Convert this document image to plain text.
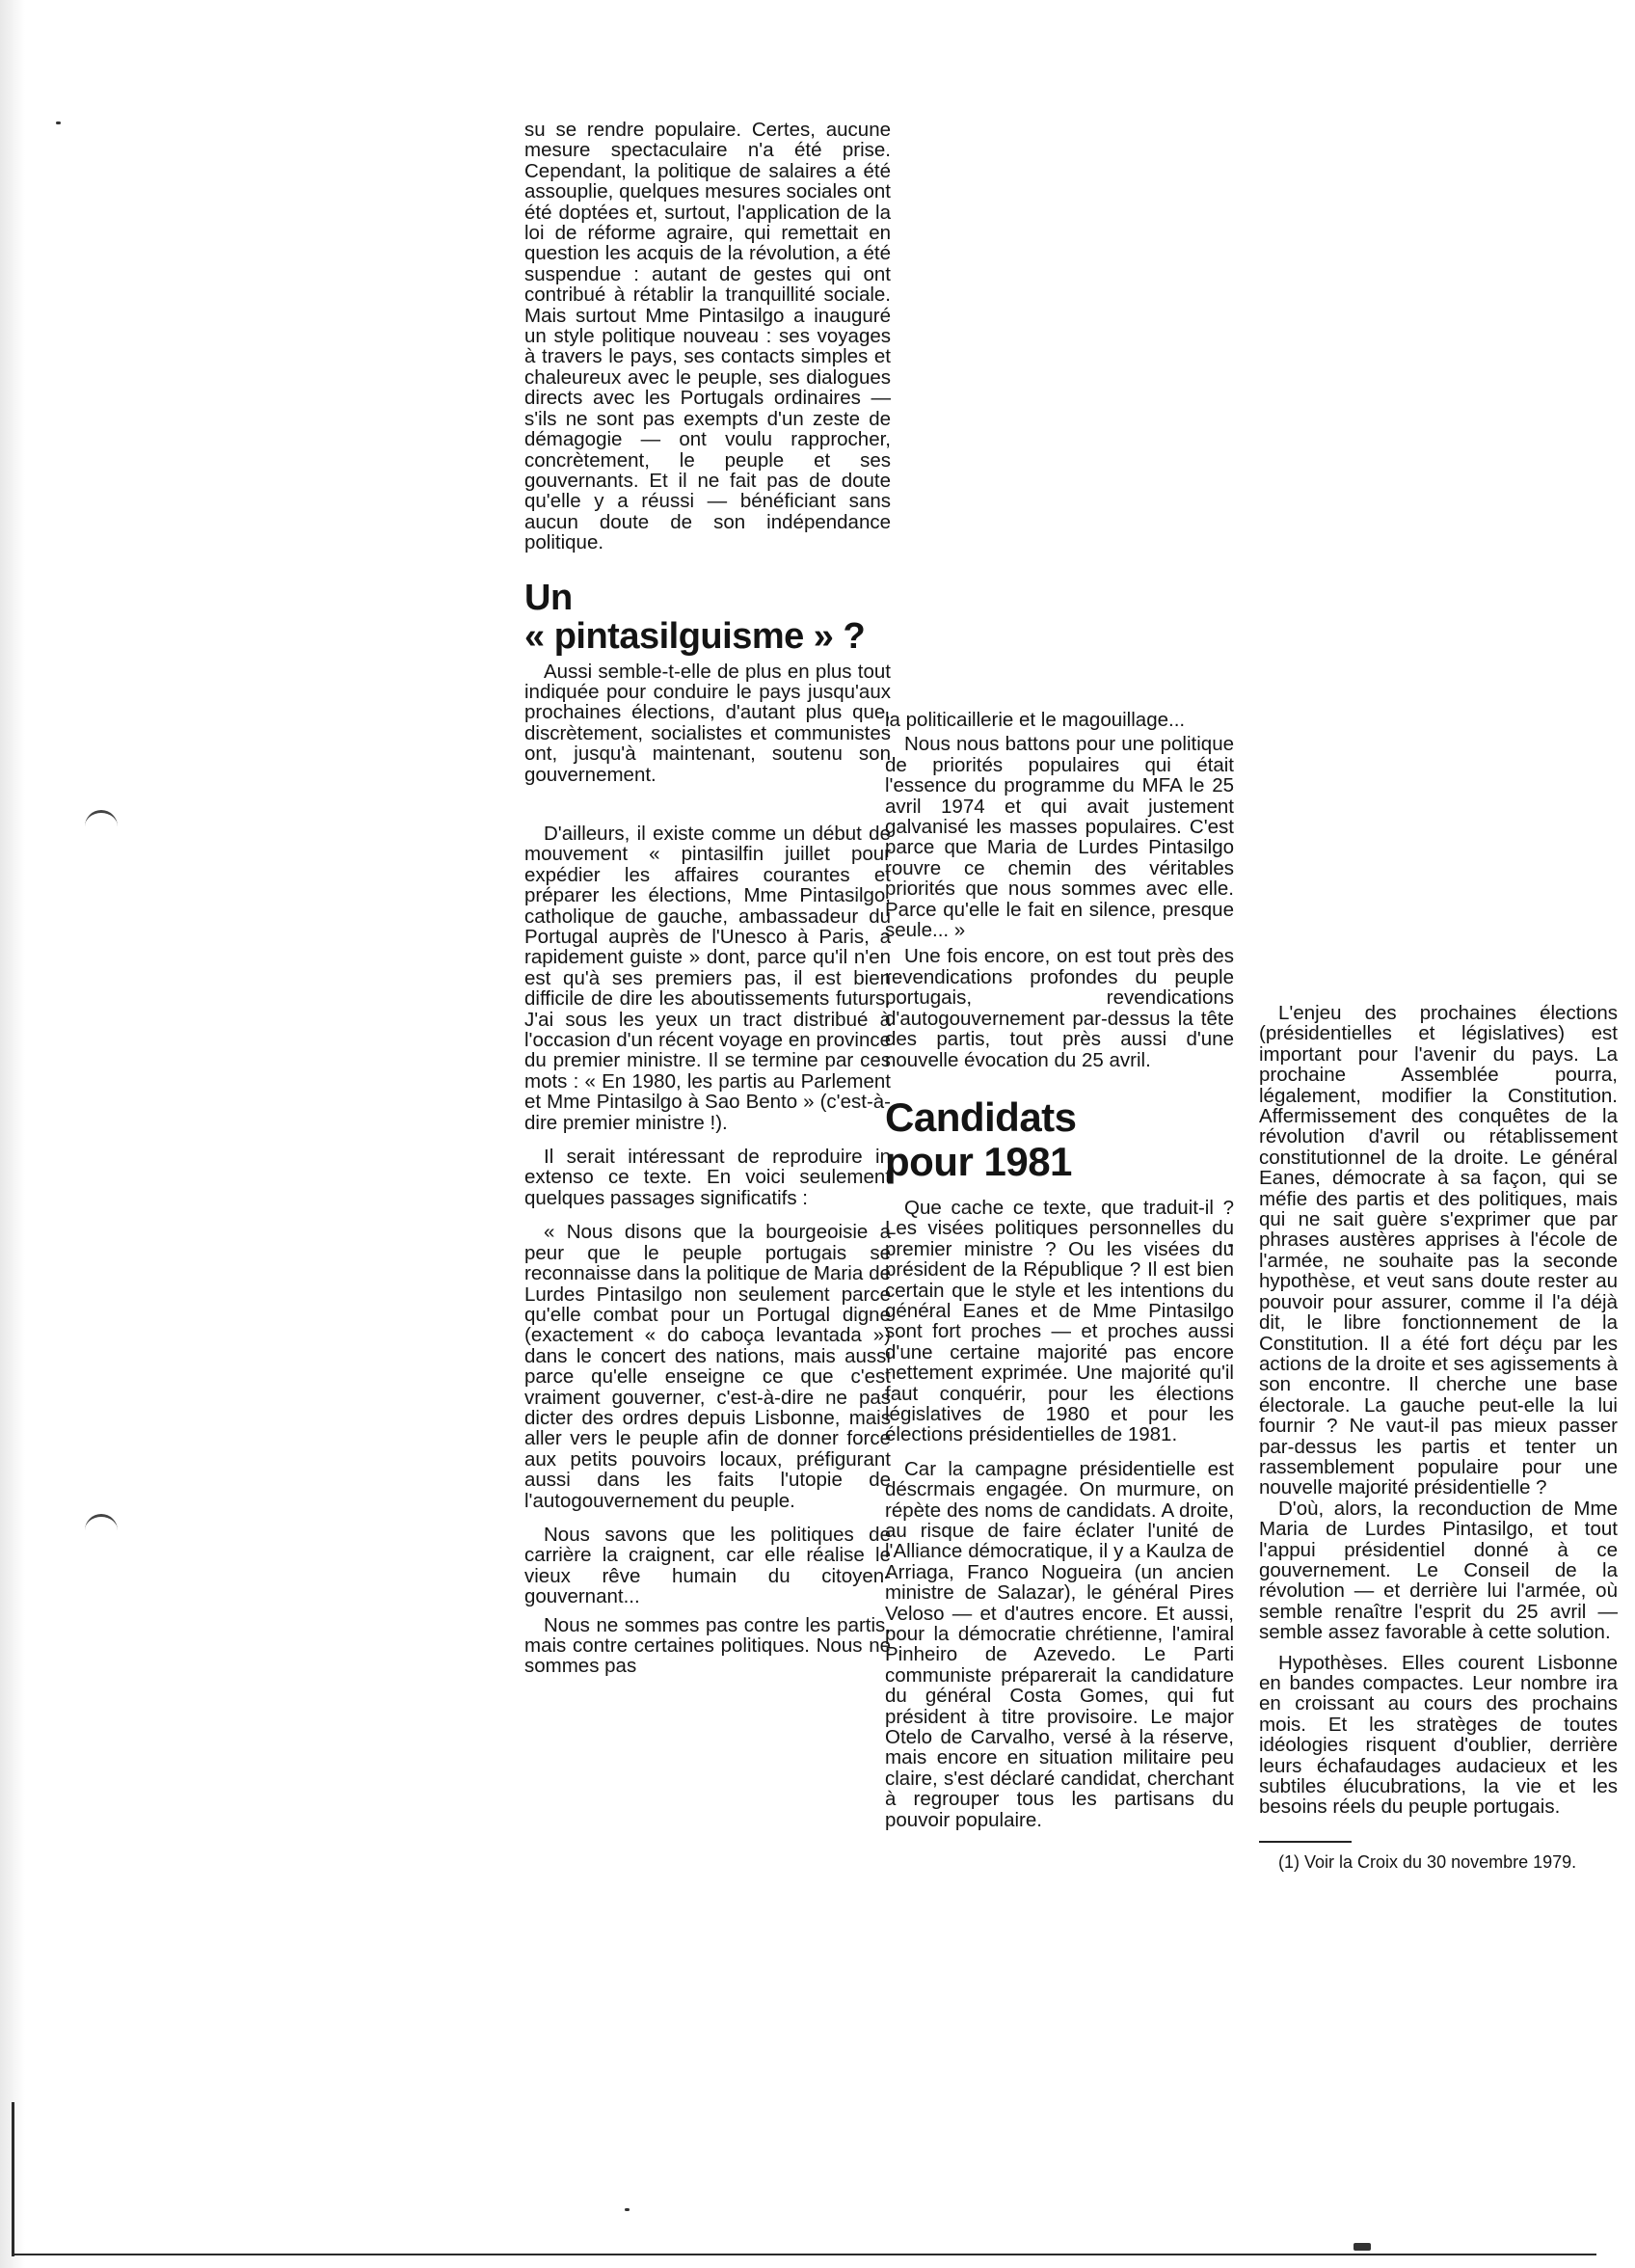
su se rendre populaire. Certes, aucune mesure spectaculaire n'a été prise. Cependant, la politique de salaires a été assouplie, quelques mesures sociales ont été doptées et, surtout, l'application de la loi de réforme agraire, qui remettait en question les acquis de la révolution, a été suspendue : autant de gestes qui ont contribué à rétablir la tranquillité sociale. Mais surtout Mme Pintasilgo a inauguré un style politique nouveau : ses voyages à travers le pays, ses contacts simples et chaleureux avec le peuple, ses dialogues directs avec les Portugals ordinaires — s'ils ne sont pas exempts d'un zeste de démagogie — ont voulu rapprocher, concrètement, le peuple et ses gouvernants. Et il ne fait pas de doute qu'elle y a réussi — bénéficiant sans aucun doute de son indépendance politique.

Un
« pintasilguisme » ?

Aussi semble-t-elle de plus en plus tout indiquée pour conduire le pays jusqu'aux prochaines élections, d'autant plus que, discrètement, socialistes et communistes ont, jusqu'à maintenant, soutenu son gouvernement.

D'ailleurs, il existe comme un début de mouvement « pintasilfin juillet pour expédier les affaires courantes et préparer les élections, Mme Pintasilgo, catholique de gauche, ambassadeur du Portugal auprès de l'Unesco à Paris, a rapidement guiste » dont, parce qu'il n'en est qu'à ses premiers pas, il est bien difficile de dire les aboutissements futurs. J'ai sous les yeux un tract distribué à l'occasion d'un récent voyage en province du premier ministre. Il se termine par ces mots : « En 1980, les partis au Parlement et Mme Pintasilgo à Sao Bento » (c'est-à-dire premier ministre !).

Il serait intéressant de reproduire in extenso ce texte. En voici seulement quelques passages significatifs :

« Nous disons que la bourgeoisie a peur que le peuple portugais se reconnaisse dans la politique de Maria de Lurdes Pintasilgo non seulement parce qu'elle combat pour un Portugal digne (exactement « do caboça levantada ») dans le concert des nations, mais aussi parce qu'elle enseigne ce que c'est vraiment gouverner, c'est-à-dire ne pas dicter des ordres depuis Lisbonne, mais aller vers le peuple afin de donner force aux petits pouvoirs locaux, préfigurant aussi dans les faits l'utopie de l'autogouvernement du peuple.

Nous savons que les politiques de carrière la craignent, car elle réalise le vieux rêve humain du citoyen-gouvernant...

Nous ne sommes pas contre les partis, mais contre certaines politiques. Nous ne sommes pas

la politicaillerie et le magouillage...

Nous nous battons pour une politique de priorités populaires qui était l'essence du programme du MFA le 25 avril 1974 et qui avait justement galvanisé les masses populaires. C'est parce que Maria de Lurdes Pintasilgo rouvre ce chemin des véritables priorités que nous sommes avec elle. Parce qu'elle le fait en silence, presque seule... »

Une fois encore, on est tout près des revendications profondes du peuple portugais, revendications d'autogouvernement par-dessus la tête des partis, tout près aussi d'une nouvelle évocation du 25 avril.

Candidats
pour 1981

Que cache ce texte, que traduit-il ? Les visées politiques personnelles du premier ministre ? Ou les visées du président de la République ? Il est bien certain que le style et les intentions du général Eanes et de Mme Pintasilgo sont fort proches — et proches aussi d'une certaine majorité pas encore nettement exprimée. Une majorité qu'il faut conquérir, pour les élections législatives de 1980 et pour les élections présidentielles de 1981.

Car la campagne présidentielle est déscrmais engagée. On murmure, on répète des noms de candidats. A droite, au risque de faire éclater l'unité de l'Alliance démocratique, il y a Kaulza de Arriaga, Franco Nogueira (un ancien ministre de Salazar), le général Pires Veloso — et d'autres encore. Et aussi, pour la démocratie chrétienne, l'amiral Pinheiro de Azevedo. Le Parti communiste préparerait la candidature du général Costa Gomes, qui fut président à titre provisoire. Le major Otelo de Carvalho, versé à la réserve, mais encore en situation militaire peu claire, s'est déclaré candidat, cherchant à regrouper tous les partisans du pouvoir populaire.

L'enjeu des prochaines élections (présidentielles et législatives) est important pour l'avenir du pays. La prochaine Assemblée pourra, légalement, modifier la Constitution. Affermissement des conquêtes de la révolution d'avril ou rétablissement constitutionnel de la droite. Le général Eanes, démocrate à sa façon, qui se méfie des partis et des politiques, mais qui ne sait guère s'exprimer que par phrases austères apprises à l'école de l'armée, ne souhaite pas la seconde hypothèse, et veut sans doute rester au pouvoir pour assurer, comme il l'a déjà dit, le libre fonctionnement de la Constitution. Il a été fort déçu par les actions de la droite et ses agissements à son encontre. Il cherche une base électorale. La gauche peut-elle la lui fournir ? Ne vaut-il pas mieux passer par-dessus les partis et tenter un rassemblement populaire pour une nouvelle majorité présidentielle ?

D'où, alors, la reconduction de Mme Maria de Lurdes Pintasilgo, et tout l'appui présidentiel donné à ce gouvernement. Le Conseil de la révolution — et derrière lui l'armée, où semble renaître l'esprit du 25 avril — semble assez favorable à cette solution.

Hypothèses. Elles courent Lisbonne en bandes compactes. Leur nombre ira en croissant au cours des prochains mois. Et les stratèges de toutes idéologies risquent d'oublier, derrière leurs échafaudages audacieux et les subtiles élucubrations, la vie et les besoins réels du peuple portugais.

(1) Voir la Croix du 30 novembre 1979.
